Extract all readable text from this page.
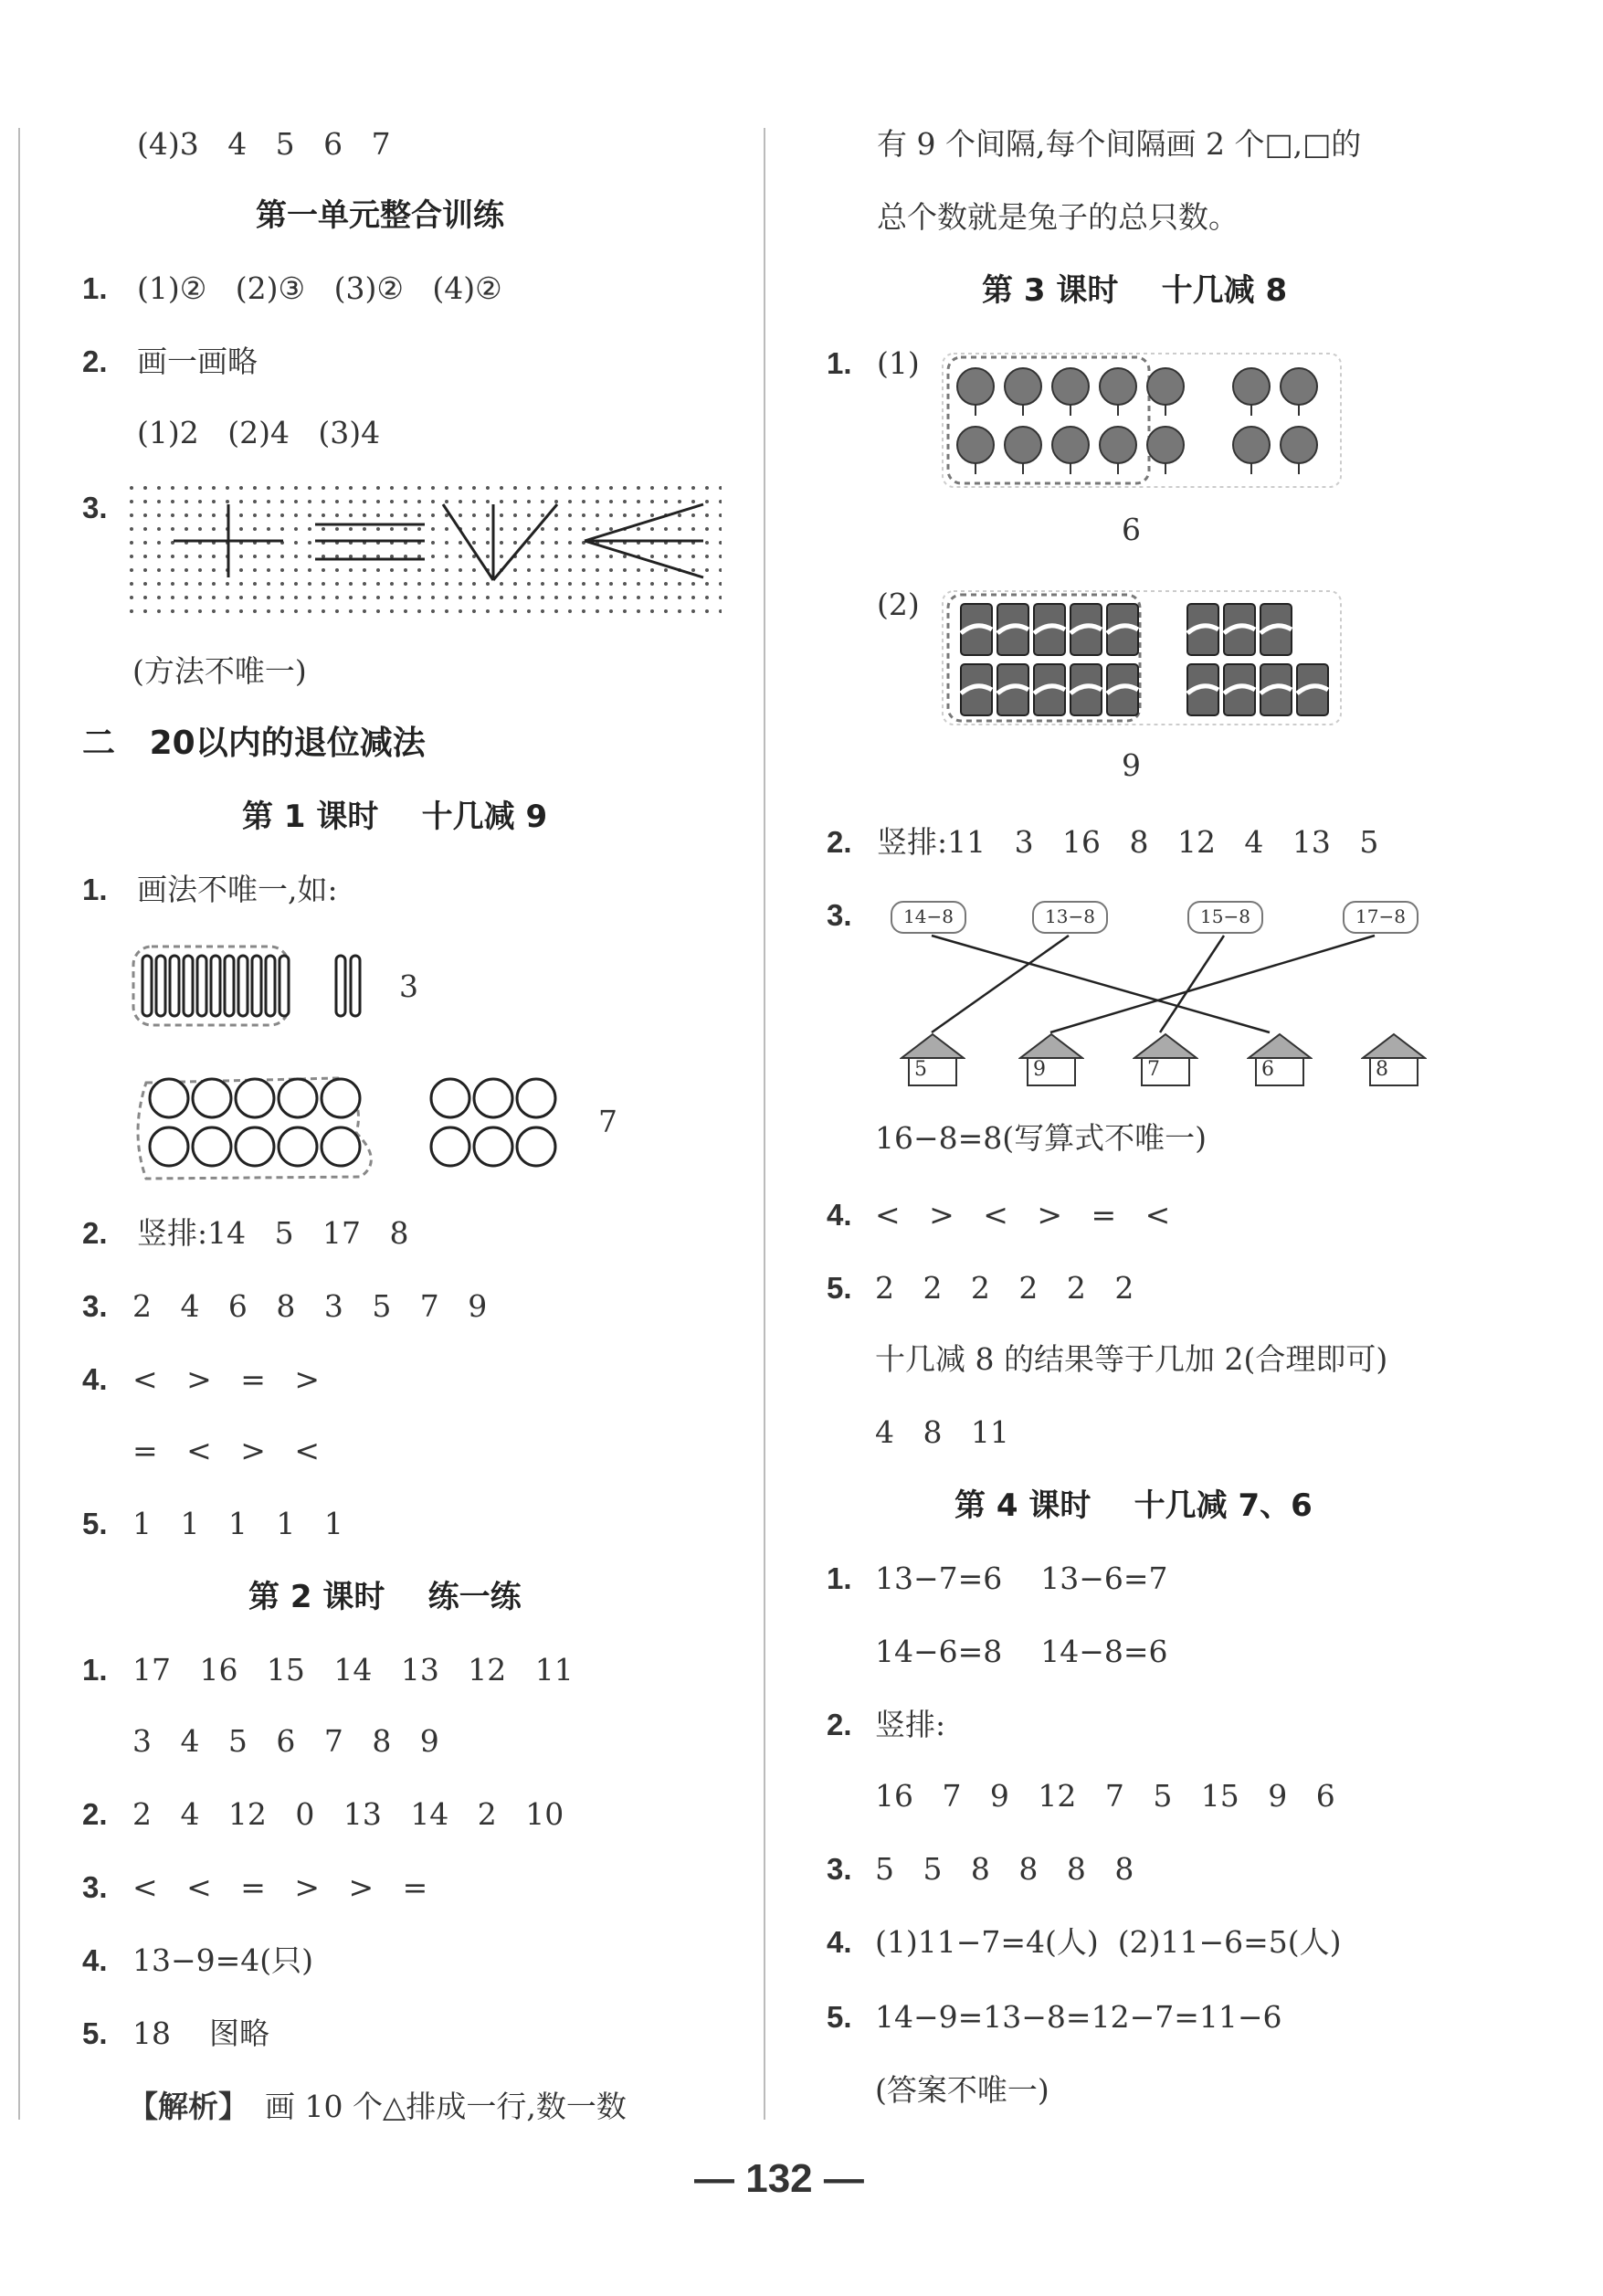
(4)3   4   5   6   7
第一单元整合训练
1. (1)②   (2)③   (3)②   (4)②
2. 画一画略
(1)2   (2)4   (3)4
3.
(方法不唯一)
二   20以内的退位减法
第 1 课时    十几减 9
1. 画法不唯一,如:
3
7
2. 竖排:14   5   17   8
3. 2   4   6   8   3   5   7   9
4. <   >   =   >
=   <   >   <
5. 1   1   1   1   1
第 2 课时    练一练
1. 17   16   15   14   13   12   11
3   4   5   6   7   8   9
2. 2   4   12   0   13   14   2   10
3. <   <   =   >   >   =
4. 13−9=4(只)
5. 18    图略
【解析】 画 10 个△排成一行,数一数
有 9 个间隔,每个间隔画 2 个□,□的
总个数就是兔子的总只数。
第 3 课时    十几减 8
1. (1)
6
(2)
9
2. 竖排:11   3   16   8   12   4   13   5
3.	14−8	13−8	15−8	17−8
5	9	7	6	8
16−8=8(写算式不唯一)
4. <   >   <   >   =   <
5. 2   2   2   2   2   2
十几减 8 的结果等于几加 2(合理即可)
4   8   11
第 4 课时    十几减 7、6
1. 13−7=6    13−6=7
14−6=8    14−8=6
2. 竖排:
16   7   9   12   7   5   15   9   6
3. 5   5   8   8   8   8
4. (1)11−7=4(人)  (2)11−6=5(人)
5. 14−9=13−8=12−7=11−6
(答案不唯一)
— 132 —
